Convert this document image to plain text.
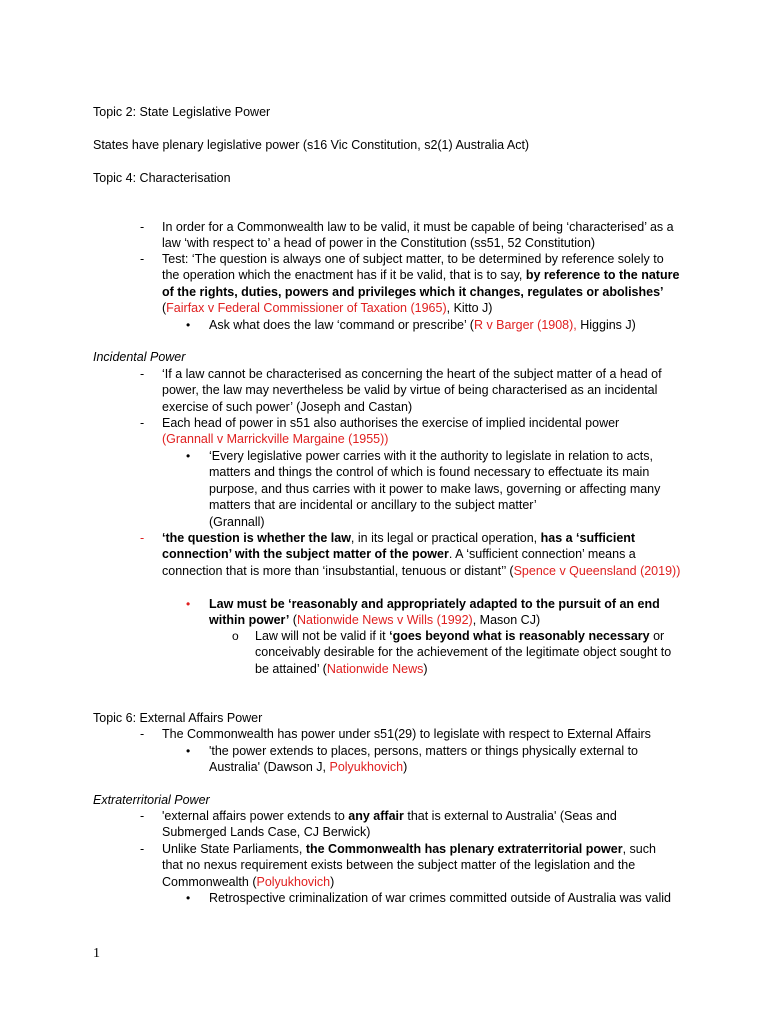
Topic 2: State Legislative Power

States have plenary legislative power (s16 Vic Constitution, s2(1) Australia Act)

Topic 4: Characterisation

-	In order for a Commonwealth law to be valid, it must be capable of being ‘characterised’ as a law ‘with respect to’ a head of power in the Constitution (ss51, 52 Constitution)

-	Test: ‘The question is always one of subject matter, to be determined by reference solely to the operation which the enactment has if it be valid, that is to say, by reference to the nature of the rights, duties, powers and privileges which it changes, regulates or abolishes’ (Fairfax v Federal Commissioner of Taxation (1965), Kitto J)

•	Ask what does the law ‘command or prescribe’ (R v Barger (1908), Higgins J)

Incidental Power

-	‘If a law cannot be characterised as concerning the heart of the subject matter of a head of power, the law may nevertheless be valid by virtue of being characterised as an incidental exercise of such power’ (Joseph and Castan)

-	Each head of power in s51 also authorises the exercise of implied incidental power
(Grannall v Marrickville Margaine (1955))

•	‘Every legislative power carries with it the authority to legislate in relation to acts, matters and things the control of which is found necessary to effectuate its main purpose, and thus carries with it power to make laws, governing or affecting many matters that are incidental or ancillary to the subject matter’
(Grannall)

-	‘the question is whether the law, in its legal or practical operation, has a ‘sufficient connection’ with the subject matter of the power. A ‘sufficient connection’ means a connection that is more than ‘insubstantial, tenuous or distant’’ (Spence v Queensland (2019))

•	Law must be ‘reasonably and appropriately adapted to the pursuit of an end within power’ (Nationwide News v Wills (1992), Mason CJ)

o Law will not be valid if it ‘goes beyond what is reasonably necessary or conceivably desirable for the achievement of the legitimate object sought to be attained’ (Nationwide News)

Topic 6: External Affairs Power

-	The Commonwealth has power under s51(29) to legislate with respect to External Affairs

•	'the power extends to places, persons, matters or things physically external to Australia' (Dawson J, Polyukhovich)

Extraterritorial Power

-	'external affairs power extends to any affair that is external to Australia' (Seas and Submerged Lands Case, CJ Berwick)

-	Unlike State Parliaments, the Commonwealth has plenary extraterritorial power, such that no nexus requirement exists between the subject matter of the legislation and the Commonwealth (Polyukhovich)

•	Retrospective criminalization of war crimes committed outside of Australia was valid

1
